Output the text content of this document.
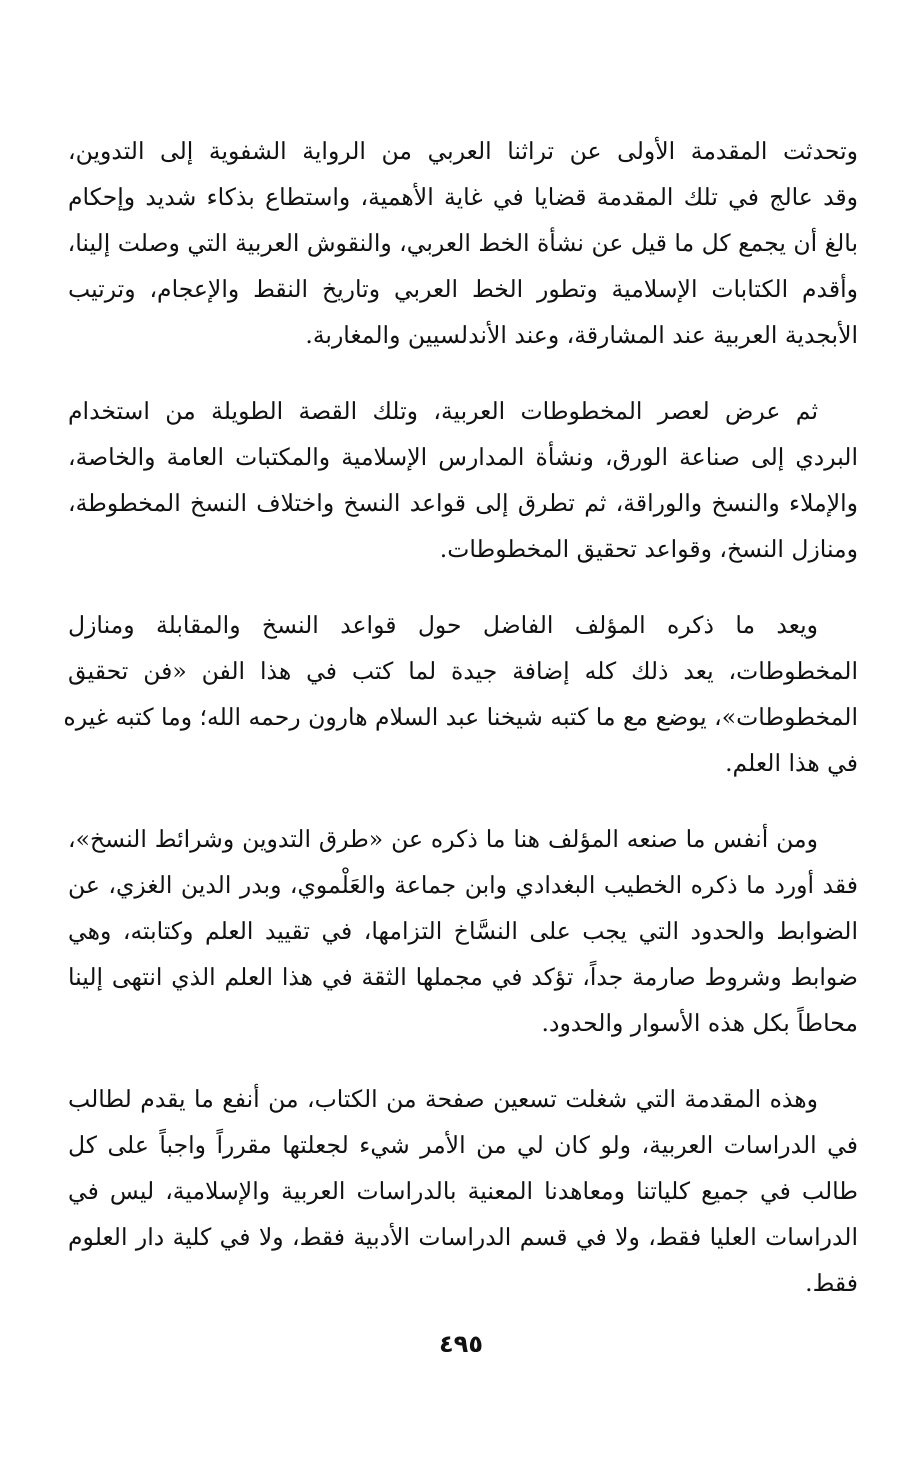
وتحدثت المقدمة الأولى عن تراثنا العربي من الرواية الشفوية إلى التدوين،
وقد عالج في تلك المقدمة قضايا في غاية الأهمية، واستطاع بذكاء شديد وإحكام
بالغ أن يجمع كل ما قيل عن نشأة الخط العربي، والنقوش العربية التي وصلت إلينا،
وأقدم الكتابات الإسلامية وتطور الخط العربي وتاريخ النقط والإعجام، وترتيب
الأبجدية العربية عند المشارقة، وعند الأندلسيين والمغاربة.

ثم عرض لعصر المخطوطات العربية، وتلك القصة الطويلة من استخدام
البردي إلى صناعة الورق، ونشأة المدارس الإسلامية والمكتبات العامة والخاصة،
والإملاء والنسخ والوراقة، ثم تطرق إلى قواعد النسخ واختلاف النسخ المخطوطة،
ومنازل النسخ، وقواعد تحقيق المخطوطات.

ويعد ما ذكره المؤلف الفاضل حول قواعد النسخ والمقابلة ومنازل
المخطوطات، يعد ذلك كله إضافة جيدة لما كتب في هذا الفن «فن تحقيق
المخطوطات»، يوضع مع ما كتبه شيخنا عبد السلام هارون رحمه الله؛ وما كتبه غيره
في هذا العلم.

ومن أنفس ما صنعه المؤلف هنا ما ذكره عن «طرق التدوين وشرائط النسخ»،
فقد أورد ما ذكره الخطيب البغدادي وابن جماعة والعَلْموي، وبدر الدين الغزي، عن
الضوابط والحدود التي يجب على النسَّاخ التزامها، في تقييد العلم وكتابته، وهي
ضوابط وشروط صارمة جداً، تؤكد في مجملها الثقة في هذا العلم الذي انتهى إلينا
محاطاً بكل هذه الأسوار والحدود.

وهذه المقدمة التي شغلت تسعين صفحة من الكتاب، من أنفع ما يقدم لطالب
في الدراسات العربية، ولو كان لي من الأمر شيء لجعلتها مقرراً واجباً على كل
طالب في جميع كلياتنا ومعاهدنا المعنية بالدراسات العربية والإسلامية، ليس في
الدراسات العليا فقط، ولا في قسم الدراسات الأدبية فقط، ولا في كلية دار العلوم
فقط.

٤٩٥
